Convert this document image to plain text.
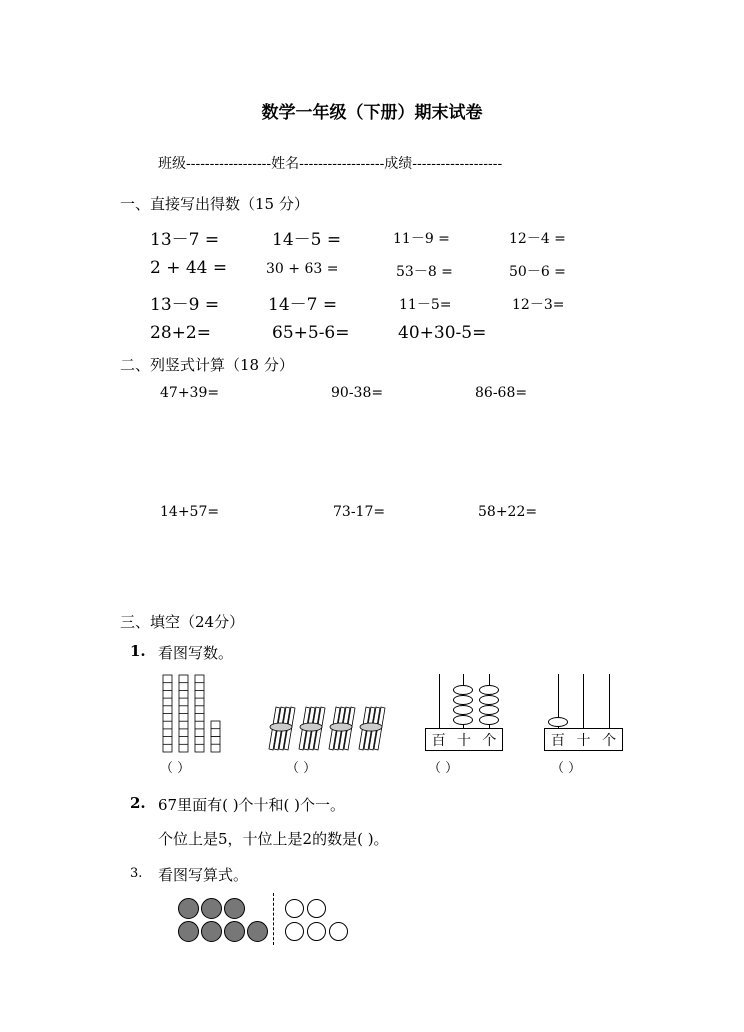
数学一年级（下册）期末试卷
班级------------------姓名------------------成绩-------------------
一、直接写出得数（15 分）
13－7 =	14－5 =	11－9 =	12－4 =
2 + 44 =	30 + 63 =	53－8 =	50－6 =
13－9 =	14－7 =	11－5=	12－3=
28+2=	65+5-6=	40+30-5=
二、列竖式计算（18 分）
47+39=	90-38=	86-68=
14+57=	73-17=	58+22=
三、填空（24分）
1. 看图写数。
百 十 个	百 十 个
（ ）	（ ）	（ ）	（ ）
2. 67里面有( )个十和( )个一。
个位上是5，十位上是2的数是( )。
3. 看图写算式。
